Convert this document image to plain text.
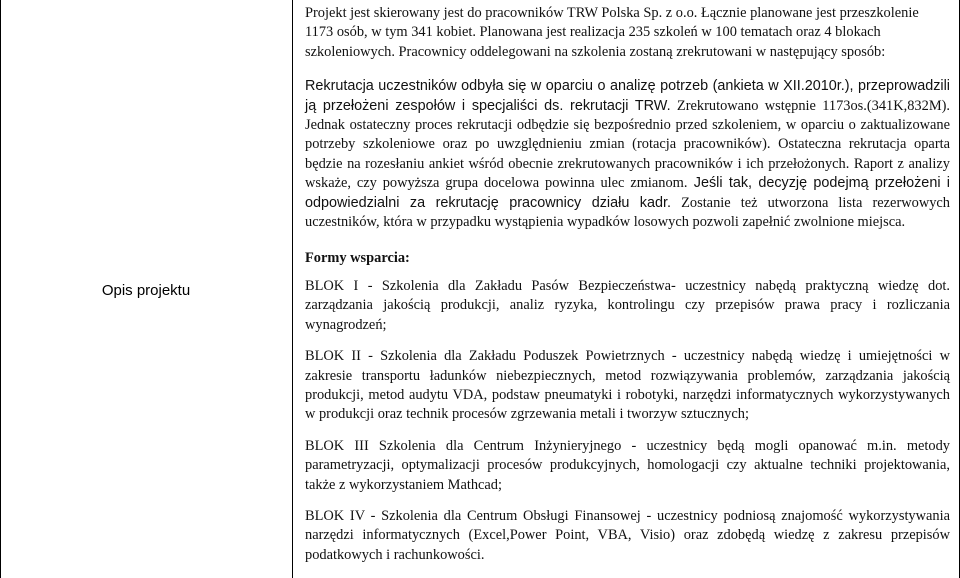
Opis projektu

Projekt jest skierowany jest do pracowników TRW Polska Sp. z o.o. Łącznie planowane jest przeszkolenie 1173 osób, w tym 341 kobiet. Planowana jest realizacja 235 szkoleń w 100 tematach oraz 4 blokach szkoleniowych. Pracownicy oddelegowani na szkolenia zostaną zrekrutowani w następujący sposób:

Rekrutacja uczestników odbyła się w oparciu o analizę potrzeb (ankieta w XII.2010r.), przeprowadzili ją przełożeni zespołów i specjaliści ds. rekrutacji TRW. Zrekrutowano wstępnie 1173os.(341K,832M). Jednak ostateczny proces rekrutacji odbędzie się bezpośrednio przed szkoleniem, w oparciu o zaktualizowane potrzeby szkoleniowe oraz po uwzględnieniu zmian (rotacja pracowników). Ostateczna rekrutacja oparta będzie na rozesłaniu ankiet wśród obecnie zrekrutowanych pracowników i ich przełożonych. Raport z analizy wskaże, czy powyższa grupa docelowa powinna ulec zmianom. Jeśli tak, decyzję podejmą przełożeni i odpowiedzialni za rekrutację pracownicy działu kadr. Zostanie też utworzona lista rezerwowych uczestników, która w przypadku wystąpienia wypadków losowych pozwoli zapełnić zwolnione miejsca.

Formy wsparcia:

BLOK I - Szkolenia dla Zakładu Pasów Bezpieczeństwa- uczestnicy nabędą praktyczną wiedzę dot. zarządzania jakością produkcji, analiz ryzyka, kontrolingu czy przepisów prawa pracy i rozliczania wynagrodzeń;

BLOK II - Szkolenia dla Zakładu Poduszek Powietrznych - uczestnicy nabędą wiedzę i umiejętności w zakresie transportu ładunków niebezpiecznych, metod rozwiązywania problemów, zarządzania jakością produkcji, metod audytu VDA, podstaw pneumatyki i robotyki, narzędzi informatycznych wykorzystywanych w produkcji oraz technik procesów zgrzewania metali i tworzyw sztucznych;

BLOK III Szkolenia dla Centrum Inżynieryjnego - uczestnicy będą mogli opanować m.in. metody parametryzacji, optymalizacji procesów produkcyjnych, homologacji czy aktualne techniki projektowania, także z wykorzystaniem Mathcad;

BLOK IV - Szkolenia dla Centrum Obsługi Finansowej - uczestnicy podniosą znajomość wykorzystywania narzędzi informatycznych (Excel,Power Point, VBA, Visio) oraz zdobędą wiedzę z zakresu przepisów podatkowych i rachunkowości.
